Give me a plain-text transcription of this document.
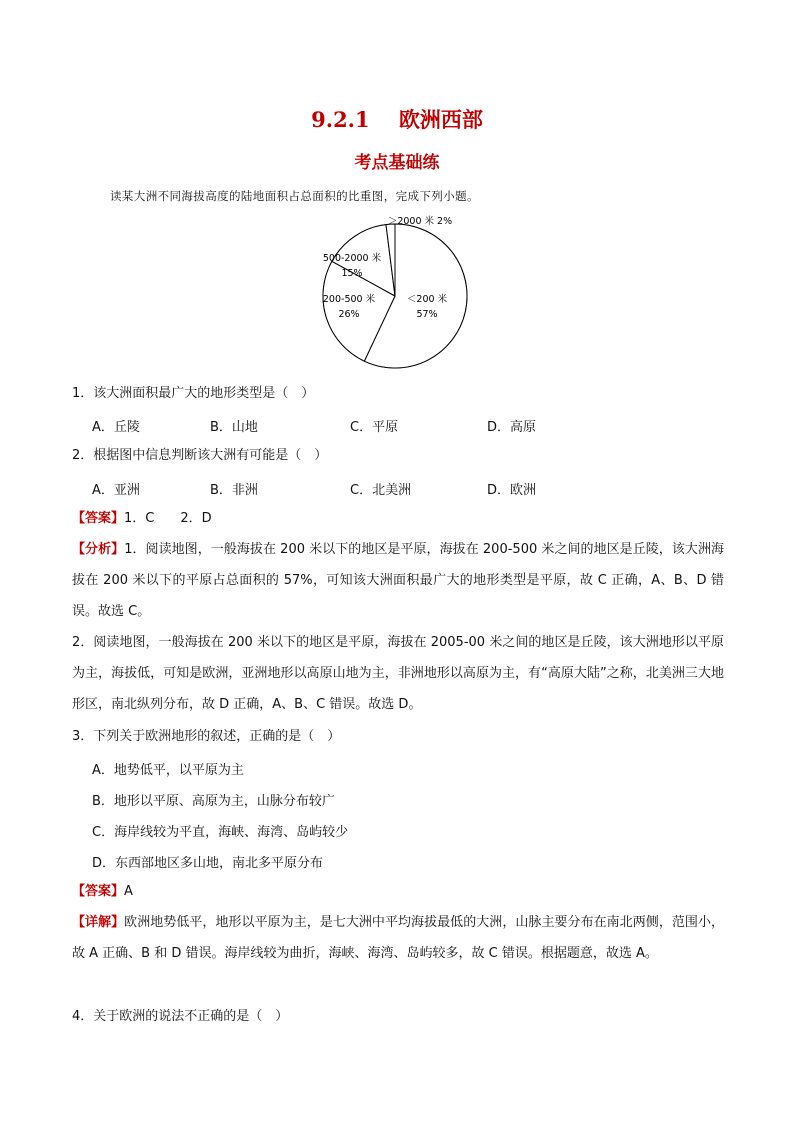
9.2.1    欧洲西部
考点基础练
读某大洲不同海拔高度的陆地面积占总面积的比重图，完成下列小题。
＜200 米 57%
200-500 米 26%
500-2000 米 15%
＞2000 米 2%
1．该大洲面积最广大的地形类型是（　）
A．丘陵	B．山地	C．平原	D．高原
2．根据图中信息判断该大洲有可能是（　）
A．亚洲	B．非洲	C．北美洲	D．欧洲
【答案】1．C　　2．D
【分析】1．阅读地图，一般海拔在 200 米以下的地区是平原，海拔在 200-500 米之间的地区是丘陵，该大洲海拔在 200 米以下的平原占总面积的 57%，可知该大洲面积最广大的地形类型是平原，故 C 正确，A、B、D 错误。故选 C。
2．阅读地图，一般海拔在 200 米以下的地区是平原，海拔在 2005-00 米之间的地区是丘陵，该大洲地形以平原为主，海拔低，可知是欧洲，亚洲地形以高原山地为主，非洲地形以高原为主，有“高原大陆”之称，北美洲三大地形区，南北纵列分布，故 D 正确，A、B、C 错误。故选 D。
3．下列关于欧洲地形的叙述，正确的是（　）
A．地势低平，以平原为主
B．地形以平原、高原为主，山脉分布较广
C．海岸线较为平直，海峡、海湾、岛屿较少
D．东西部地区多山地，南北多平原分布
【答案】A
【详解】欧洲地势低平，地形以平原为主，是七大洲中平均海拔最低的大洲，山脉主要分布在南北两侧，范围小，故 A 正确、B 和 D 错误。海岸线较为曲折，海峡、海湾、岛屿较多，故 C 错误。根据题意，故选 A。
4．关于欧洲的说法不正确的是（　）
